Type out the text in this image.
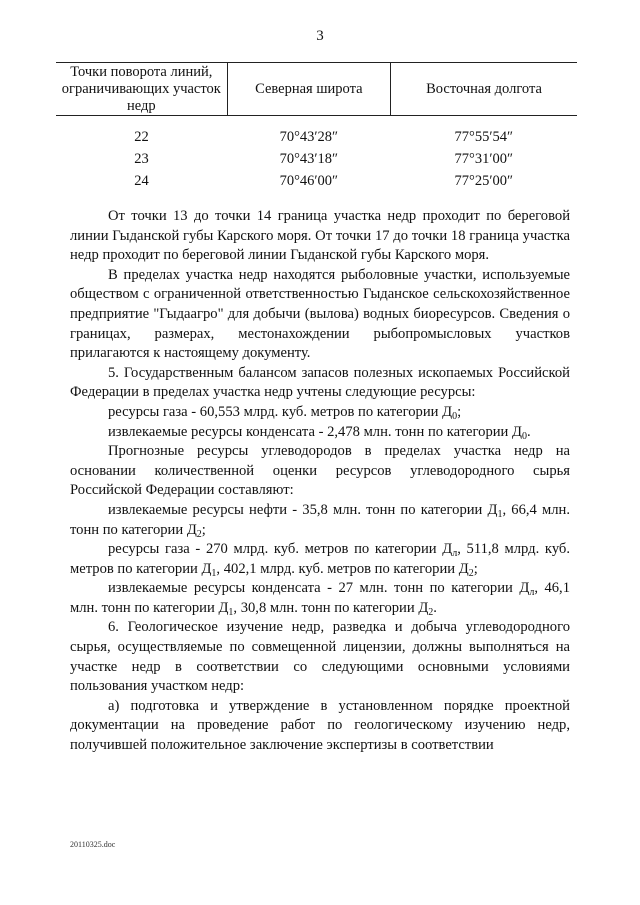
3
Точки поворота линий, ограничивающих участок недр	Северная широта	Восточная долгота
22	70°43′28″	77°55′54″
23	70°43′18″	77°31′00″
24	70°46′00″	77°25′00″

От точки 13 до точки 14 граница участка недр проходит по береговой линии Гыданской губы Карского моря. От точки 17 до точки 18 граница участка недр проходит по береговой линии Гыданской губы Карского моря.

В пределах участка недр находятся рыболовные участки, используемые обществом с ограниченной ответственностью Гыданское сельскохозяйственное предприятие "Гыдаагро" для добычи (вылова) водных биоресурсов. Сведения о границах, размерах, местонахождении рыбопромысловых участков прилагаются к настоящему документу.

5. Государственным балансом запасов полезных ископаемых Российской Федерации в пределах участка недр учтены следующие ресурсы:

ресурсы газа - 60,553 млрд. куб. метров по категории $Д_0$;

извлекаемые ресурсы конденсата - 2,478 млн. тонн по категории $Д_0$.

Прогнозные ресурсы углеводородов в пределах участка недр на основании количественной оценки ресурсов углеводородного сырья Российской Федерации составляют:

извлекаемые ресурсы нефти - 35,8 млн. тонн по категории $Д_1$, 66,4 млн. тонн по категории $Д_2$;

ресурсы газа - 270 млрд. куб. метров по категории $Д_л$, 511,8 млрд. куб. метров по категории $Д_1$, 402,1 млрд. куб. метров по категории $Д_2$;

извлекаемые ресурсы конденсата - 27 млн. тонн по категории $Д_л$, 46,1 млн. тонн по категории $Д_1$, 30,8 млн. тонн по категории $Д_2$.

6. Геологическое изучение недр, разведка и добыча углеводородного сырья, осуществляемые по совмещенной лицензии, должны выполняться на участке недр в соответствии со следующими основными условиями пользования участком недр:

а) подготовка и утверждение в установленном порядке проектной документации на проведение работ по геологическому изучению недр, получившей положительное заключение экспертизы в соответствии

20110325.doc
